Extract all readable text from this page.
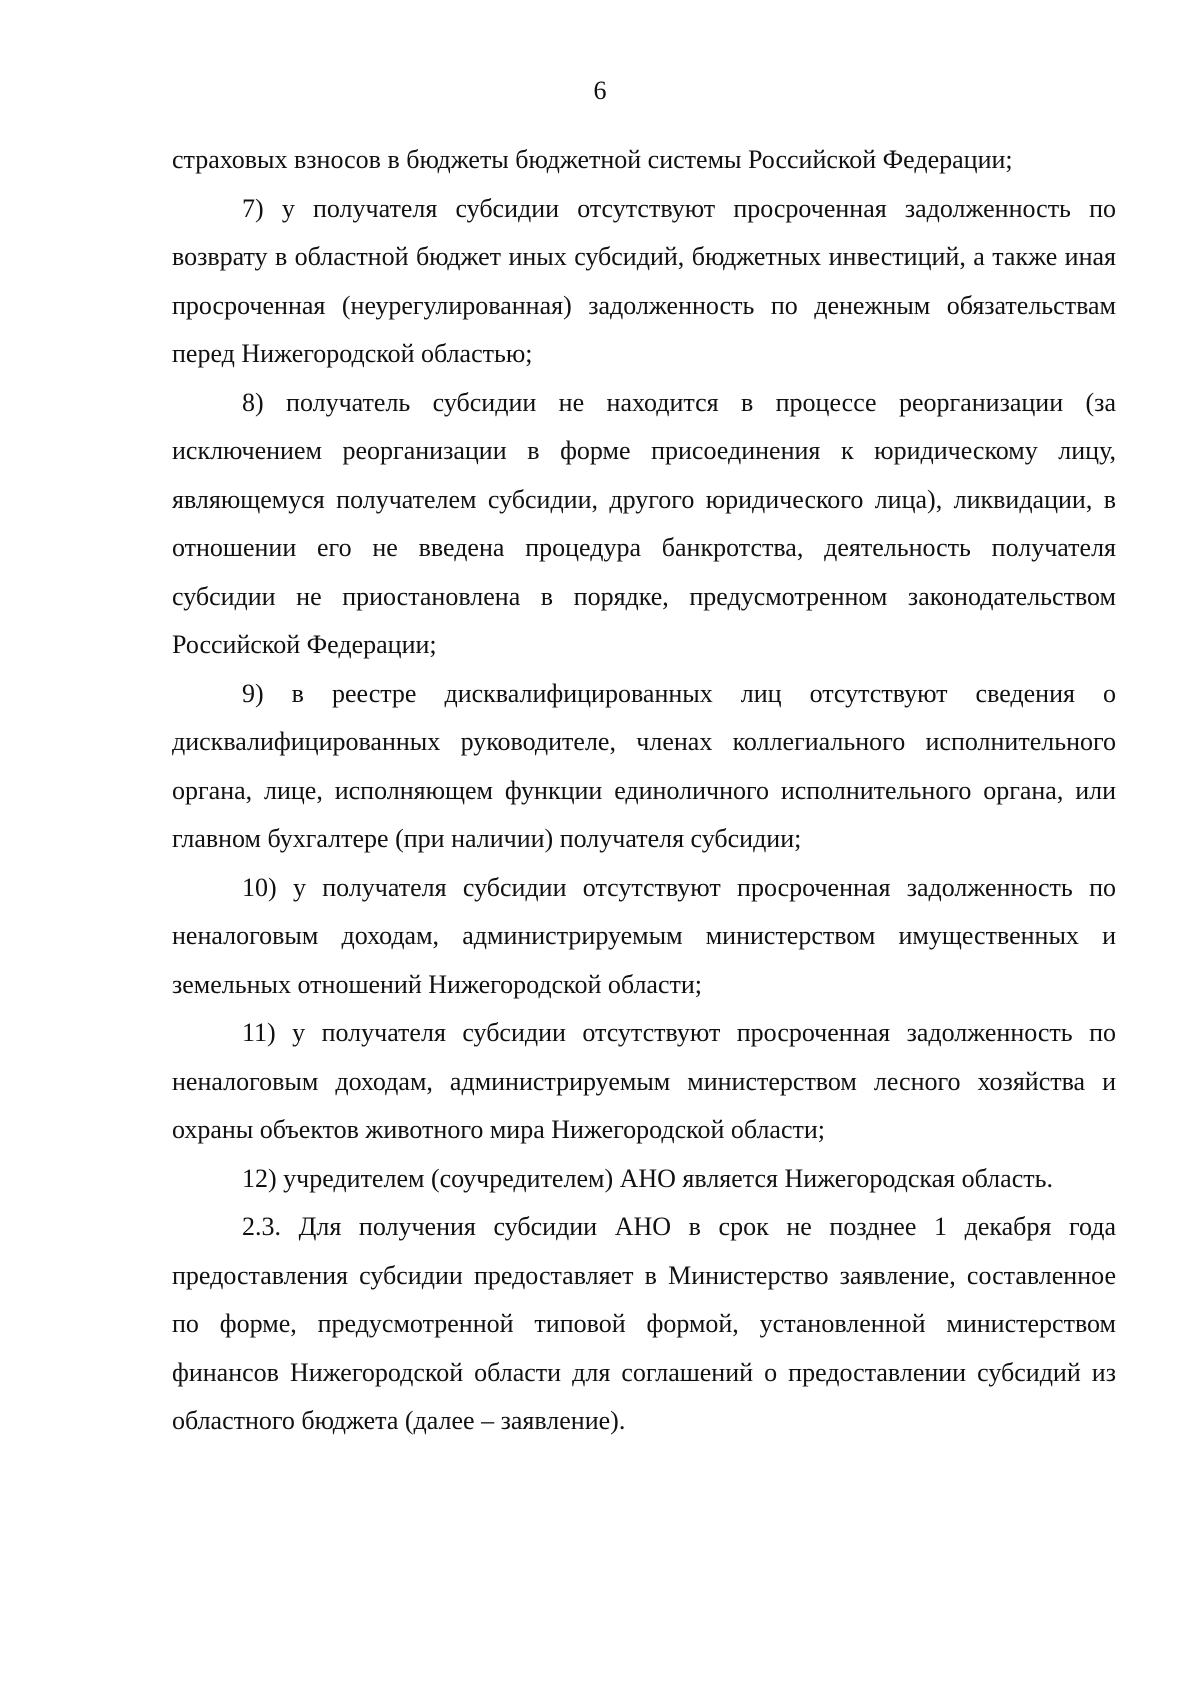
6

страховых взносов в бюджеты бюджетной системы Российской Федерации;

7) у получателя субсидии отсутствуют просроченная задолженность по возврату в областной бюджет иных субсидий, бюджетных инвестиций, а также иная просроченная (неурегулированная) задолженность по денежным обязательствам перед Нижегородской областью;

8) получатель субсидии не находится в процессе реорганизации (за исключением реорганизации в форме присоединения к юридическому лицу, являющемуся получателем субсидии, другого юридического лица), ликвидации, в отношении его не введена процедура банкротства, деятельность получателя субсидии не приостановлена в порядке, предусмотренном законодательством Российской Федерации;

9) в реестре дисквалифицированных лиц отсутствуют сведения о дисквалифицированных руководителе, членах коллегиального исполнительного органа, лице, исполняющем функции единоличного исполнительного органа, или главном бухгалтере (при наличии) получателя субсидии;

10) у получателя субсидии отсутствуют просроченная задолженность по неналоговым доходам, администрируемым министерством имущественных и земельных отношений Нижегородской области;

11) у получателя субсидии отсутствуют просроченная задолженность по неналоговым доходам, администрируемым министерством лесного хозяйства и охраны объектов животного мира Нижегородской области;

12) учредителем (соучредителем) АНО является Нижегородская область.

2.3. Для получения субсидии АНО в срок не позднее 1 декабря года предоставления субсидии предоставляет в Министерство заявление, составленное по форме, предусмотренной типовой формой, установленной министерством финансов Нижегородской области для соглашений о предоставлении субсидий из областного бюджета (далее – заявление).
